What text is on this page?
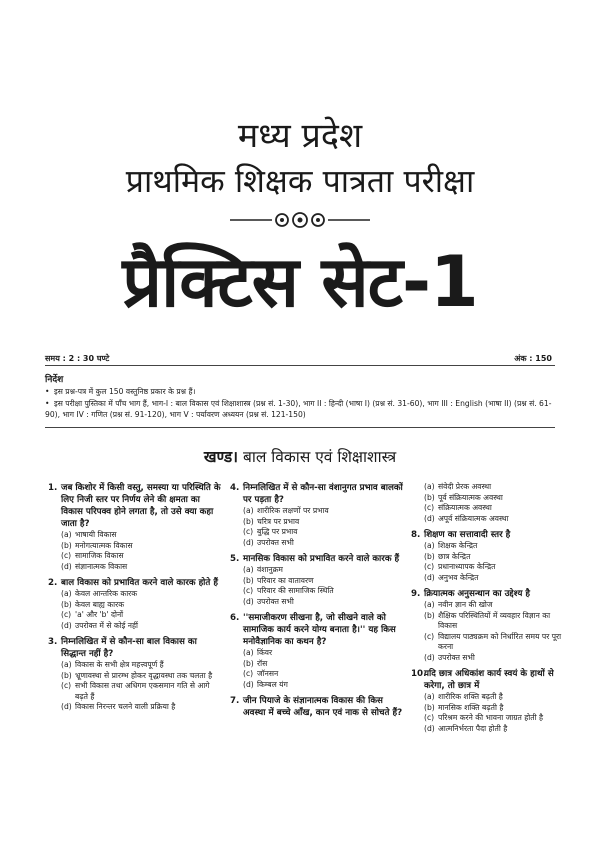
मध्य प्रदेश
प्राथमिक शिक्षक पात्रता परीक्षा
प्रैक्टिस सेट-1
समय : 2 : 30 घण्टे	अंक : 150
निर्देश
• इस प्रश्न-पत्र में कुल 150 वस्तुनिष्ठ प्रकार के प्रश्न हैं।
• इस परीक्षा पुस्तिका में पाँच भाग हैं, भाग-I : बाल विकास एवं शिक्षाशास्त्र (प्रश्न सं. 1-30), भाग II : हिन्दी (भाषा I) (प्रश्न सं. 31-60), भाग III : English (भाषा II) (प्रश्न सं. 61-90), भाग IV : गणित (प्रश्न सं. 91-120), भाग V : पर्यावरण अध्ययन (प्रश्न सं. 121-150)
खण्ड। बाल विकास एवं शिक्षाशास्त्र
1. जब किशोर में किसी वस्तु, समस्या या परिस्थिति के लिए निजी स्तर पर निर्णय लेने की क्षमता का विकास परिपक्व होने लगता है, तो उसे क्या कहा जाता है?
(a) भाषायी विकास
(b) मनोगत्यात्मक विकास
(c) सामाजिक विकास
(d) संज्ञानात्मक विकास
2. बाल विकास को प्रभावित करने वाले कारक होते हैं
(a) केवल आन्तरिक कारक
(b) केवल बाह्य कारक
(c) 'a' और 'b' दोनों
(d) उपरोक्त में से कोई नहीं
3. निम्नलिखित में से कौन-सा बाल विकास का सिद्धान्त नहीं है?
(a) विकास के सभी क्षेत्र महत्त्वपूर्ण हैं
(b) भ्रूणावस्था से प्रारम्भ होकर वृद्धावस्था तक चलता है
(c) सभी विकास तथा अधिगम एकसमान गति से आगे बढ़ते हैं
(d) विकास निरन्तर चलने वाली प्रक्रिया है
4. निम्नलिखित में से कौन-सा वंशानुगत प्रभाव बालकों पर पड़ता है?
(a) शारीरिक लक्षणों पर प्रभाव
(b) चरित्र पर प्रभाव
(c) बुद्धि पर प्रभाव
(d) उपरोक्त सभी
5. मानसिक विकास को प्रभावित करने वाले कारक हैं
(a) वंशानुक्रम
(b) परिवार का वातावरण
(c) परिवार की सामाजिक स्थिति
(d) उपरोक्त सभी
6. ''समाजीकरण सीखना है, जो सीखने वाले को सामाजिक कार्य करने योग्य बनाता है।'' यह किस मनोवैज्ञानिक का कथन है?
(a) किंवर
(b) रॉस
(c) जॉनसन
(d) किम्बल यंग
7. जीन पियाजे के संज्ञानात्मक विकास की किस अवस्था में बच्चे आँख, कान एवं नाक से सोचते हैं?
(a) संवेदी प्रेरक अवस्था
(b) पूर्व संक्रियात्मक अवस्था
(c) संक्रियात्मक अवस्था
(d) अपूर्व संक्रियात्मक अवस्था
8. शिक्षण का सत्तावादी स्तर है
(a) शिक्षक केन्द्रित
(b) छात्र केन्द्रित
(c) प्रधानाध्यापक केन्द्रित
(d) अनुभव केन्द्रित
9. क्रियात्मक अनुसन्धान का उद्देश्य है
(a) नवीन ज्ञान की खोज
(b) शैक्षिक परिस्थितियों में व्यवहार विज्ञान का विकास
(c) विद्यालय पाठ्यक्रम को निर्धारित समय पर पूरा करना
(d) उपरोक्त सभी
10.
यदि छात्र अधिकांश कार्य स्वयं के हाथों से करेगा, तो छात्र में
(a) शारीरिक शक्ति बढ़ती है
(b) मानसिक शक्ति बढ़ती है
(c) परिश्रम करने की भावना जाग्रत होती है
(d) आत्मनिर्भरता पैदा होती है
